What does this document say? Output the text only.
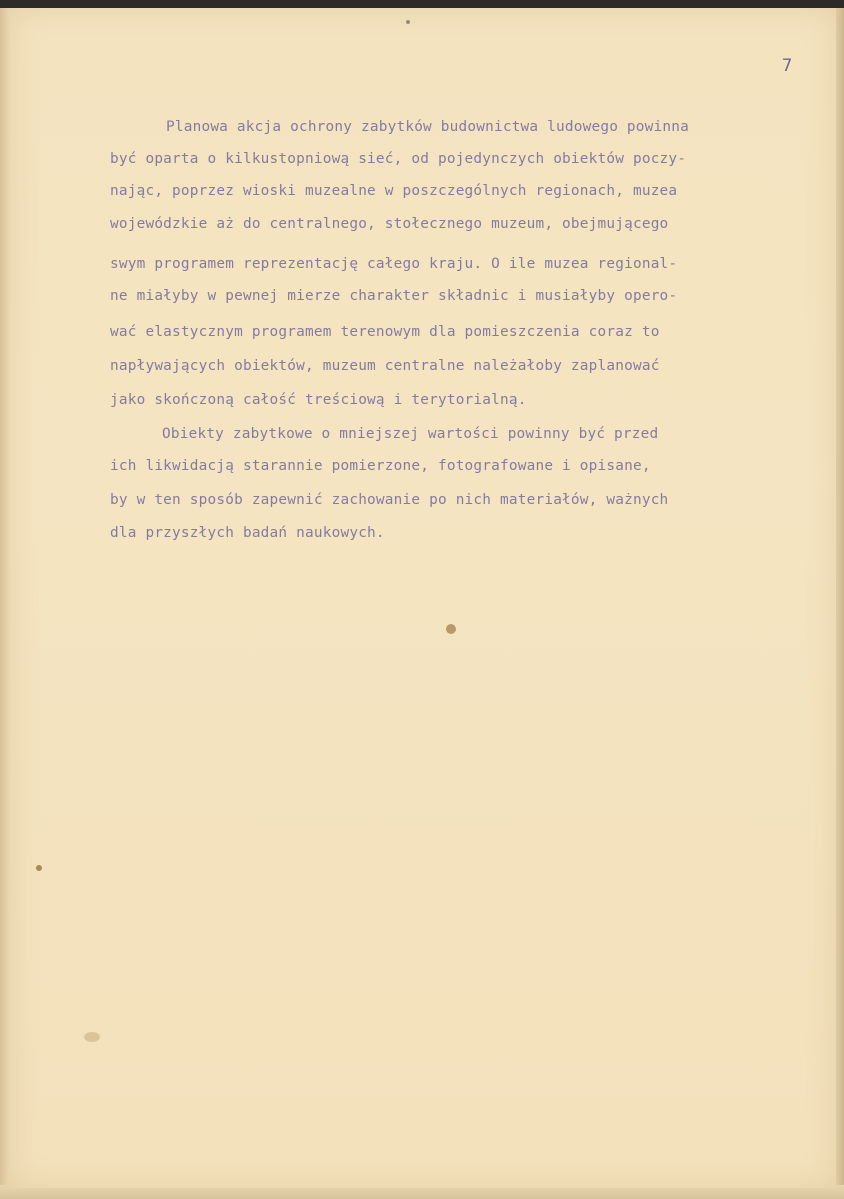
7
Planowa akcja ochrony zabytków budownictwa ludowego powinna
być oparta o kilkustopniową sieć, od pojedynczych obiektów poczy-
nając, poprzez wioski muzealne w poszczególnych regionach, muzea
wojewódzkie aż do centralnego, stołecznego muzeum, obejmującego
swym programem reprezentację całego kraju. O ile muzea regional-
ne miałyby w pewnej mierze charakter składnic i musiałyby opero-
wać elastycznym programem terenowym dla pomieszczenia coraz to
napływających obiektów, muzeum centralne należałoby zaplanować
jako skończoną całość treściową i terytorialną.
Obiekty zabytkowe o mniejszej wartości powinny być przed
ich likwidacją starannie pomierzone, fotografowane i opisane,
by w ten sposób zapewnić zachowanie po nich materiałów, ważnych
dla przyszłych badań naukowych.
